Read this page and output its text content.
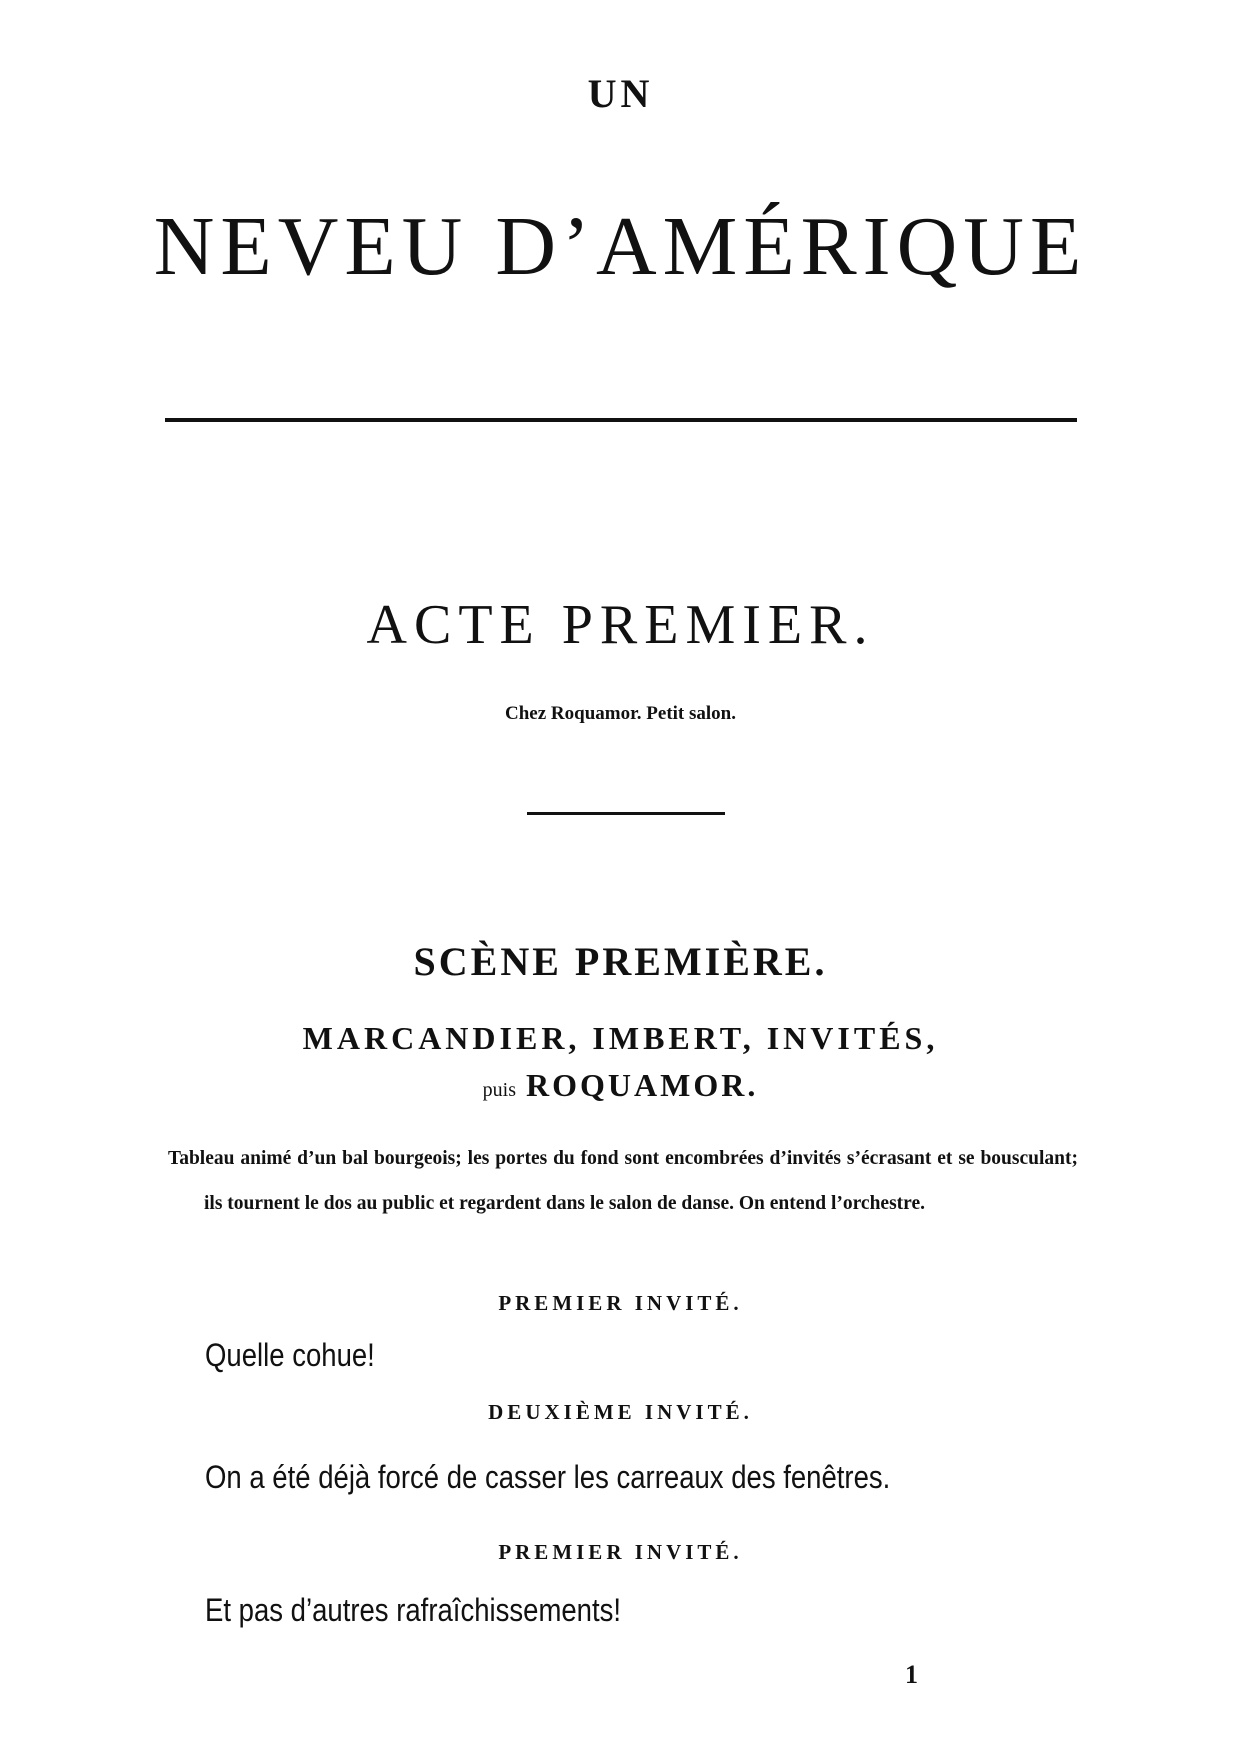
UN
NEVEU D’AMÉRIQUE
ACTE PREMIER.
Chez Roquamor. Petit salon.
SCÈNE PREMIÈRE.
MARCANDIER, IMBERT, INVITÉS,
puis ROQUAMOR.
Tableau animé d’un bal bourgeois; les portes du fond sont encombrées d’invités s’écrasant et se bousculant; ils tournent le dos au public et regardent dans le salon de danse. On entend l’orchestre.
PREMIER INVITÉ.
Quelle cohue!
DEUXIÈME INVITÉ.
On a été déjà forcé de casser les carreaux des fenêtres.
PREMIER INVITÉ.
Et pas d’autres rafraîchissements!
1
